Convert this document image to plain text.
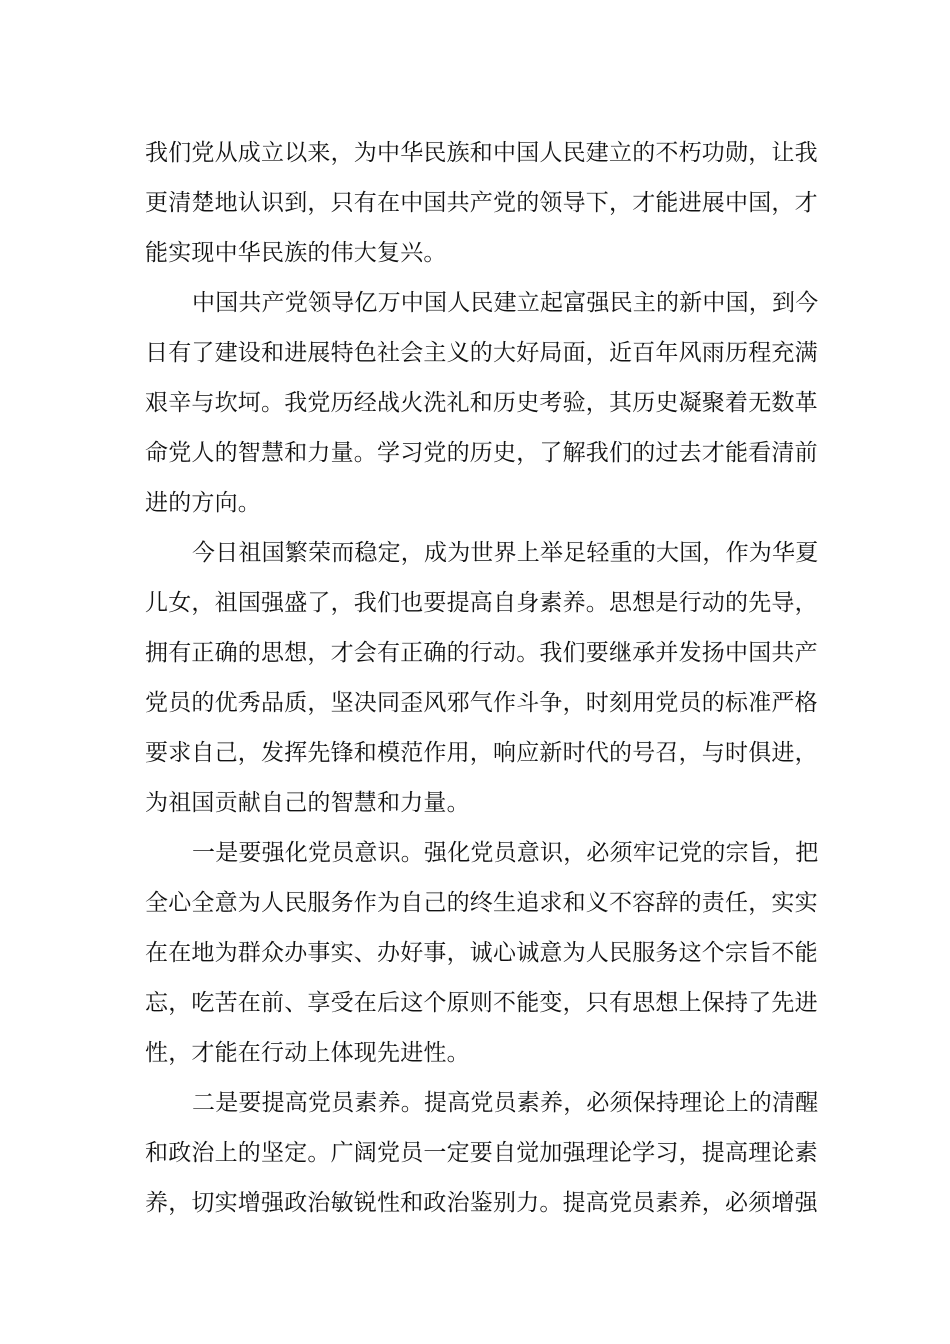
我们党从成立以来，为中华民族和中国人民建立的不朽功勋，让我
更清楚地认识到，只有在中国共产党的领导下，才能进展中国，才
能实现中华民族的伟大复兴。
中国共产党领导亿万中国人民建立起富强民主的新中国，到今
日有了建设和进展特色社会主义的大好局面，近百年风雨历程充满
艰辛与坎坷。我党历经战火洗礼和历史考验，其历史凝聚着无数革
命党人的智慧和力量。学习党的历史，了解我们的过去才能看清前
进的方向。
今日祖国繁荣而稳定，成为世界上举足轻重的大国，作为华夏
儿女，祖国强盛了，我们也要提高自身素养。思想是行动的先导，
拥有正确的思想，才会有正确的行动。我们要继承并发扬中国共产
党员的优秀品质，坚决同歪风邪气作斗争，时刻用党员的标准严格
要求自己，发挥先锋和模范作用，响应新时代的号召，与时俱进，
为祖国贡献自己的智慧和力量。
一是要强化党员意识。强化党员意识，必须牢记党的宗旨，把
全心全意为人民服务作为自己的终生追求和义不容辞的责任，实实
在在地为群众办事实、办好事，诚心诚意为人民服务这个宗旨不能
忘，吃苦在前、享受在后这个原则不能变，只有思想上保持了先进
性，才能在行动上体现先进性。
二是要提高党员素养。提高党员素养，必须保持理论上的清醒
和政治上的坚定。广阔党员一定要自觉加强理论学习，提高理论素
养，切实增强政治敏锐性和政治鉴别力。提高党员素养，必须增强
